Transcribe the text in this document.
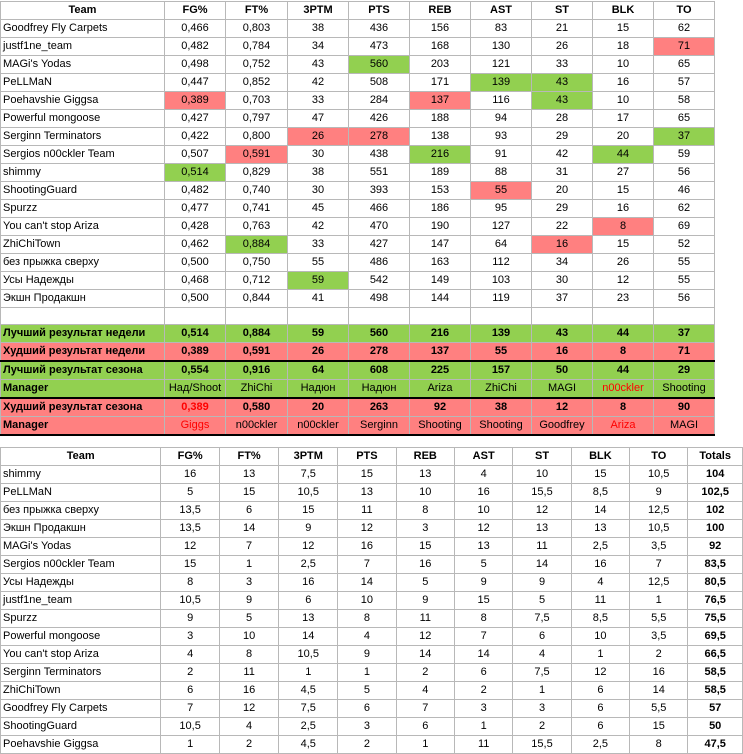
Team	FG%	FT%	3PTM	PTS	REB	AST	ST	BLK	TO
Goodfrey Fly Carpets	0,466	0,803	38	436	156	83	21	15	62
justf1ne_team	0,482	0,784	34	473	168	130	26	18	71
MAGi's Yodas	0,498	0,752	43	560	203	121	33	10	65
PeLLMaN	0,447	0,852	42	508	171	139	43	16	57
Poehavshie Giggsa	0,389	0,703	33	284	137	116	43	10	58
Powerful mongoose	0,427	0,797	47	426	188	94	28	17	65
Serginn Terminators	0,422	0,800	26	278	138	93	29	20	37
Sergios n00ckler Team	0,507	0,591	30	438	216	91	42	44	59
shimmy	0,514	0,829	38	551	189	88	31	27	56
ShootingGuard	0,482	0,740	30	393	153	55	20	15	46
Spurzz	0,477	0,741	45	466	186	95	29	16	62
You can't stop Ariza	0,428	0,763	42	470	190	127	22	8	69
ZhiChiTown	0,462	0,884	33	427	147	64	16	15	52
без прыжка сверху	0,500	0,750	55	486	163	112	34	26	55
Усы Надежды	0,468	0,712	59	542	149	103	30	12	55
Экшн Продакшн	0,500	0,844	41	498	144	119	37	23	56

Лучший результат недели	0,514	0,884	59	560	216	139	43	44	37
Худший результат недели	0,389	0,591	26	278	137	55	16	8	71
Лучший результат сезона	0,554	0,916	64	608	225	157	50	44	29
Manager	Над/Shoot	ZhiChi	Надюн	Надюн	Ariza	ZhiChi	MAGI	n00ckler	Shooting
Худший результат сезона	0,389	0,580	20	263	92	38	12	8	90
Manager	Giggs	n00ckler	n00ckler	Serginn	Shooting	Shooting	Goodfrey	Ariza	MAGI
Team	FG%	FT%	3PTM	PTS	REB	AST	ST	BLK	TO	Totals
shimmy	16	13	7,5	15	13	4	10	15	10,5	104
PeLLMaN	5	15	10,5	13	10	16	15,5	8,5	9	102,5
без прыжка сверху	13,5	6	15	11	8	10	12	14	12,5	102
Экшн Продакшн	13,5	14	9	12	3	12	13	13	10,5	100
MAGi's Yodas	12	7	12	16	15	13	11	2,5	3,5	92
Sergios n00ckler Team	15	1	2,5	7	16	5	14	16	7	83,5
Усы Надежды	8	3	16	14	5	9	9	4	12,5	80,5
justf1ne_team	10,5	9	6	10	9	15	5	11	1	76,5
Spurzz	9	5	13	8	11	8	7,5	8,5	5,5	75,5
Powerful mongoose	3	10	14	4	12	7	6	10	3,5	69,5
You can't stop Ariza	4	8	10,5	9	14	14	4	1	2	66,5
Serginn Terminators	2	11	1	1	2	6	7,5	12	16	58,5
ZhiChiTown	6	16	4,5	5	4	2	1	6	14	58,5
Goodfrey Fly Carpets	7	12	7,5	6	7	3	3	6	5,5	57
ShootingGuard	10,5	4	2,5	3	6	1	2	6	15	50
Poehavshie Giggsa	1	2	4,5	2	1	11	15,5	2,5	8	47,5
